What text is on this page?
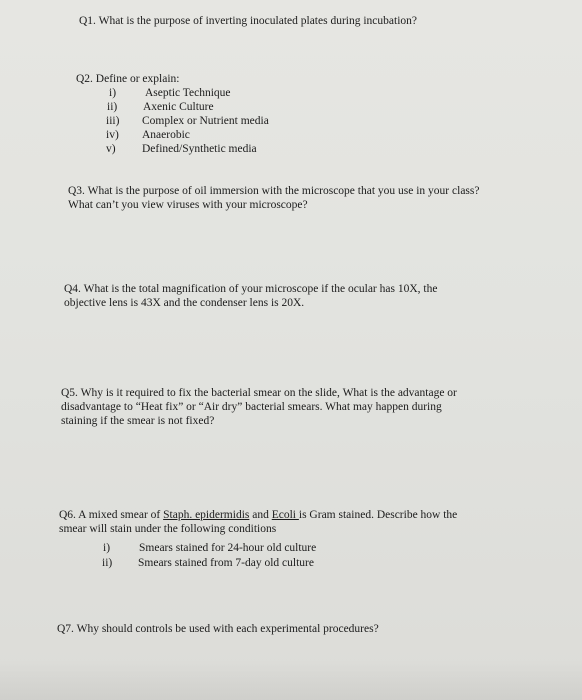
Q1. What is the purpose of inverting inoculated plates during incubation?

Q2. Define or explain:

i)	Aseptic Technique
ii) Axenic Culture
iii) Complex or Nutrient media
iv) Anaerobic
v) Defined/Synthetic media

Q3. What is the purpose of oil immersion with the microscope that you use in your class?
What can’t you view viruses with your microscope?

Q4. What is the total magnification of your microscope if the ocular has 10X, the
objective lens is 43X and the condenser lens is 20X.

Q5. Why is it required to fix the bacterial smear on the slide, What is the advantage or
disadvantage to “Heat fix” or “Air dry” bacterial smears. What may happen during
staining if the smear is not fixed?

Q6. A mixed smear of Staph. epidermidis and Ecoli is Gram stained. Describe how the
smear will stain under the following conditions

i)	Smears stained for 24-hour old culture
ii) Smears stained from 7-day old culture

Q7. Why should controls be used with each experimental procedures?
